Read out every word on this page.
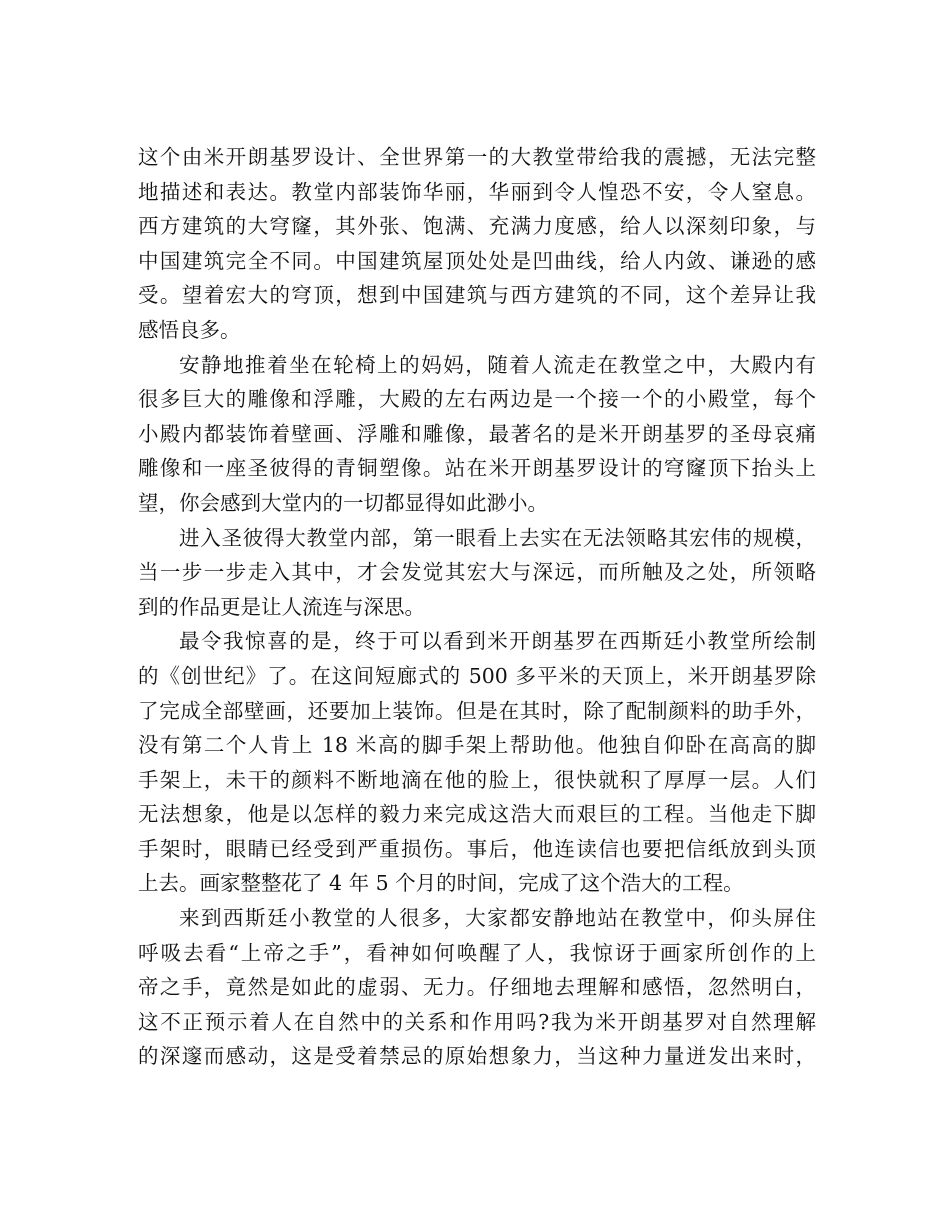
这个由米开朗基罗设计、全世界第一的大教堂带给我的震撼，无法完整
地描述和表达。教堂内部装饰华丽，华丽到令人惶恐不安，令人窒息。
西方建筑的大穹窿，其外张、饱满、充满力度感，给人以深刻印象，与
中国建筑完全不同。中国建筑屋顶处处是凹曲线，给人内敛、谦逊的感
受。望着宏大的穹顶，想到中国建筑与西方建筑的不同，这个差异让我
感悟良多。
安静地推着坐在轮椅上的妈妈，随着人流走在教堂之中，大殿内有
很多巨大的雕像和浮雕，大殿的左右两边是一个接一个的小殿堂，每个
小殿内都装饰着壁画、浮雕和雕像，最著名的是米开朗基罗的圣母哀痛
雕像和一座圣彼得的青铜塑像。站在米开朗基罗设计的穹窿顶下抬头上
望，你会感到大堂内的一切都显得如此渺小。
进入圣彼得大教堂内部，第一眼看上去实在无法领略其宏伟的规模，
当一步一步走入其中，才会发觉其宏大与深远，而所触及之处，所领略
到的作品更是让人流连与深思。
最令我惊喜的是，终于可以看到米开朗基罗在西斯廷小教堂所绘制
的《创世纪》了。在这间短廊式的 500 多平米的天顶上，米开朗基罗除
了完成全部壁画，还要加上装饰。但是在其时，除了配制颜料的助手外，
没有第二个人肯上 18 米高的脚手架上帮助他。他独自仰卧在高高的脚
手架上，未干的颜料不断地滴在他的脸上，很快就积了厚厚一层。人们
无法想象，他是以怎样的毅力来完成这浩大而艰巨的工程。当他走下脚
手架时，眼睛已经受到严重损伤。事后，他连读信也要把信纸放到头顶
上去。画家整整花了 4 年 5 个月的时间，完成了这个浩大的工程。
来到西斯廷小教堂的人很多，大家都安静地站在教堂中，仰头屏住
呼吸去看“上帝之手”，看神如何唤醒了人，我惊讶于画家所创作的上
帝之手，竟然是如此的虚弱、无力。仔细地去理解和感悟，忽然明白，
这不正预示着人在自然中的关系和作用吗?我为米开朗基罗对自然理解
的深邃而感动，这是受着禁忌的原始想象力，当这种力量迸发出来时，
